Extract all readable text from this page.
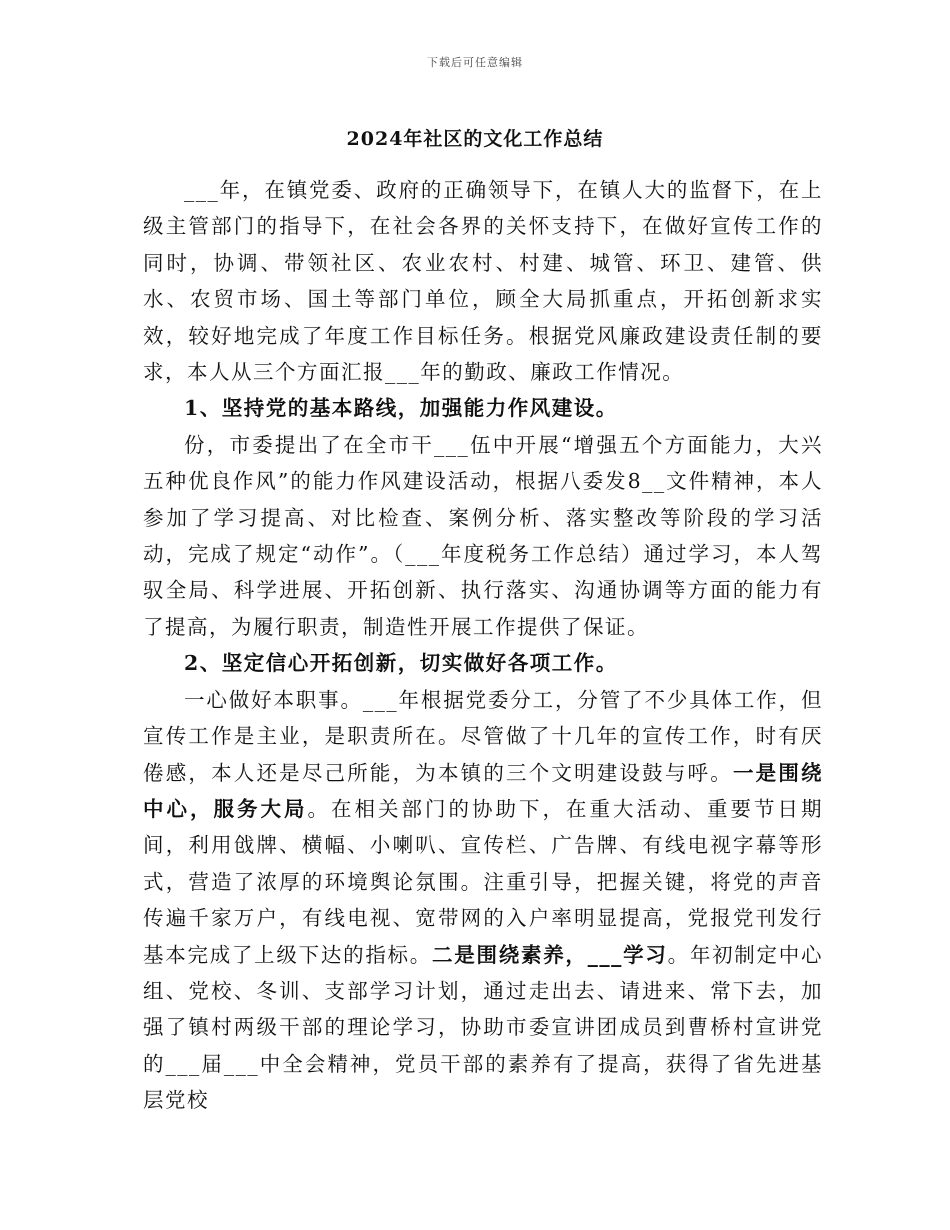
下载后可任意编辑
2024年社区的文化工作总结

___年，在镇党委、政府的正确领导下，在镇人大的监督下，在上级主管部门的指导下，在社会各界的关怀支持下，在做好宣传工作的同时，协调、带领社区、农业农村、村建、城管、环卫、建管、供水、农贸市场、国土等部门单位，顾全大局抓重点，开拓创新求实效，较好地完成了年度工作目标任务。根据党风廉政建设责任制的要求，本人从三个方面汇报___年的勤政、廉政工作情况。

1、坚持党的基本路线，加强能力作风建设。

份，市委提出了在全市干___伍中开展“增强五个方面能力，大兴五种优良作风”的能力作风建设活动，根据八委发8__文件精神，本人参加了学习提高、对比检查、案例分析、落实整改等阶段的学习活动，完成了规定“动作”。（___年度税务工作总结）通过学习，本人驾驭全局、科学进展、开拓创新、执行落实、沟通协调等方面的能力有了提高，为履行职责，制造性开展工作提供了保证。

2、坚定信心开拓创新，切实做好各项工作。

一心做好本职事。___年根据党委分工，分管了不少具体工作，但宣传工作是主业，是职责所在。尽管做了十几年的宣传工作，时有厌倦感，本人还是尽己所能，为本镇的三个文明建设鼓与呼。一是围绕中心，服务大局。在相关部门的协助下，在重大活动、重要节日期间，利用戗牌、横幅、小喇叭、宣传栏、广告牌、有线电视字幕等形式，营造了浓厚的环境舆论氛围。注重引导，把握关键，将党的声音传遍千家万户，有线电视、宽带网的入户率明显提高，党报党刊发行基本完成了上级下达的指标。二是围绕素养，___学习。年初制定中心组、党校、冬训、支部学习计划，通过走出去、请进来、常下去，加强了镇村两级干部的理论学习，协助市委宣讲团成员到曹桥村宣讲党的___届___中全会精神，党员干部的素养有了提高，获得了省先进基层党校
